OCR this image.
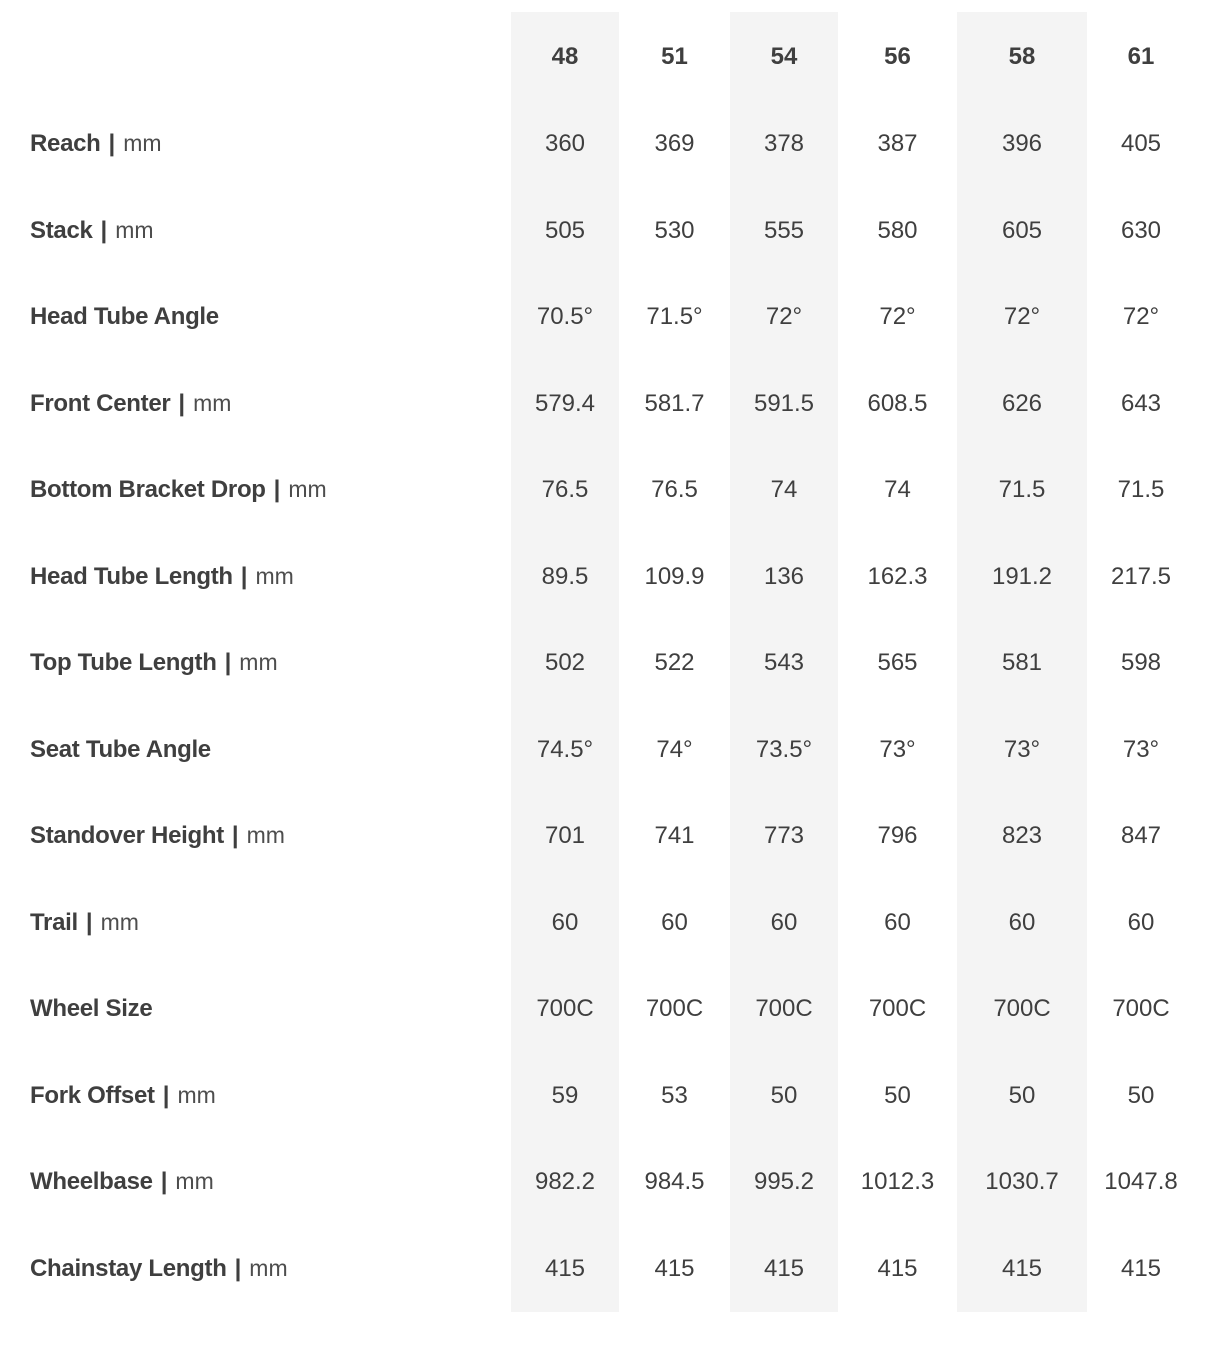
	48	51	54	56	58	61
Reach | mm	360	369	378	387	396	405
Stack | mm	505	530	555	580	605	630
Head Tube Angle	70.5°	71.5°	72°	72°	72°	72°
Front Center | mm	579.4	581.7	591.5	608.5	626	643
Bottom Bracket Drop | mm	76.5	76.5	74	74	71.5	71.5
Head Tube Length | mm	89.5	109.9	136	162.3	191.2	217.5
Top Tube Length | mm	502	522	543	565	581	598
Seat Tube Angle	74.5°	74°	73.5°	73°	73°	73°
Standover Height | mm	701	741	773	796	823	847
Trail | mm	60	60	60	60	60	60
Wheel Size	700C	700C	700C	700C	700C	700C
Fork Offset | mm	59	53	50	50	50	50
Wheelbase | mm	982.2	984.5	995.2	1012.3	1030.7	1047.8
Chainstay Length | mm	415	415	415	415	415	415
